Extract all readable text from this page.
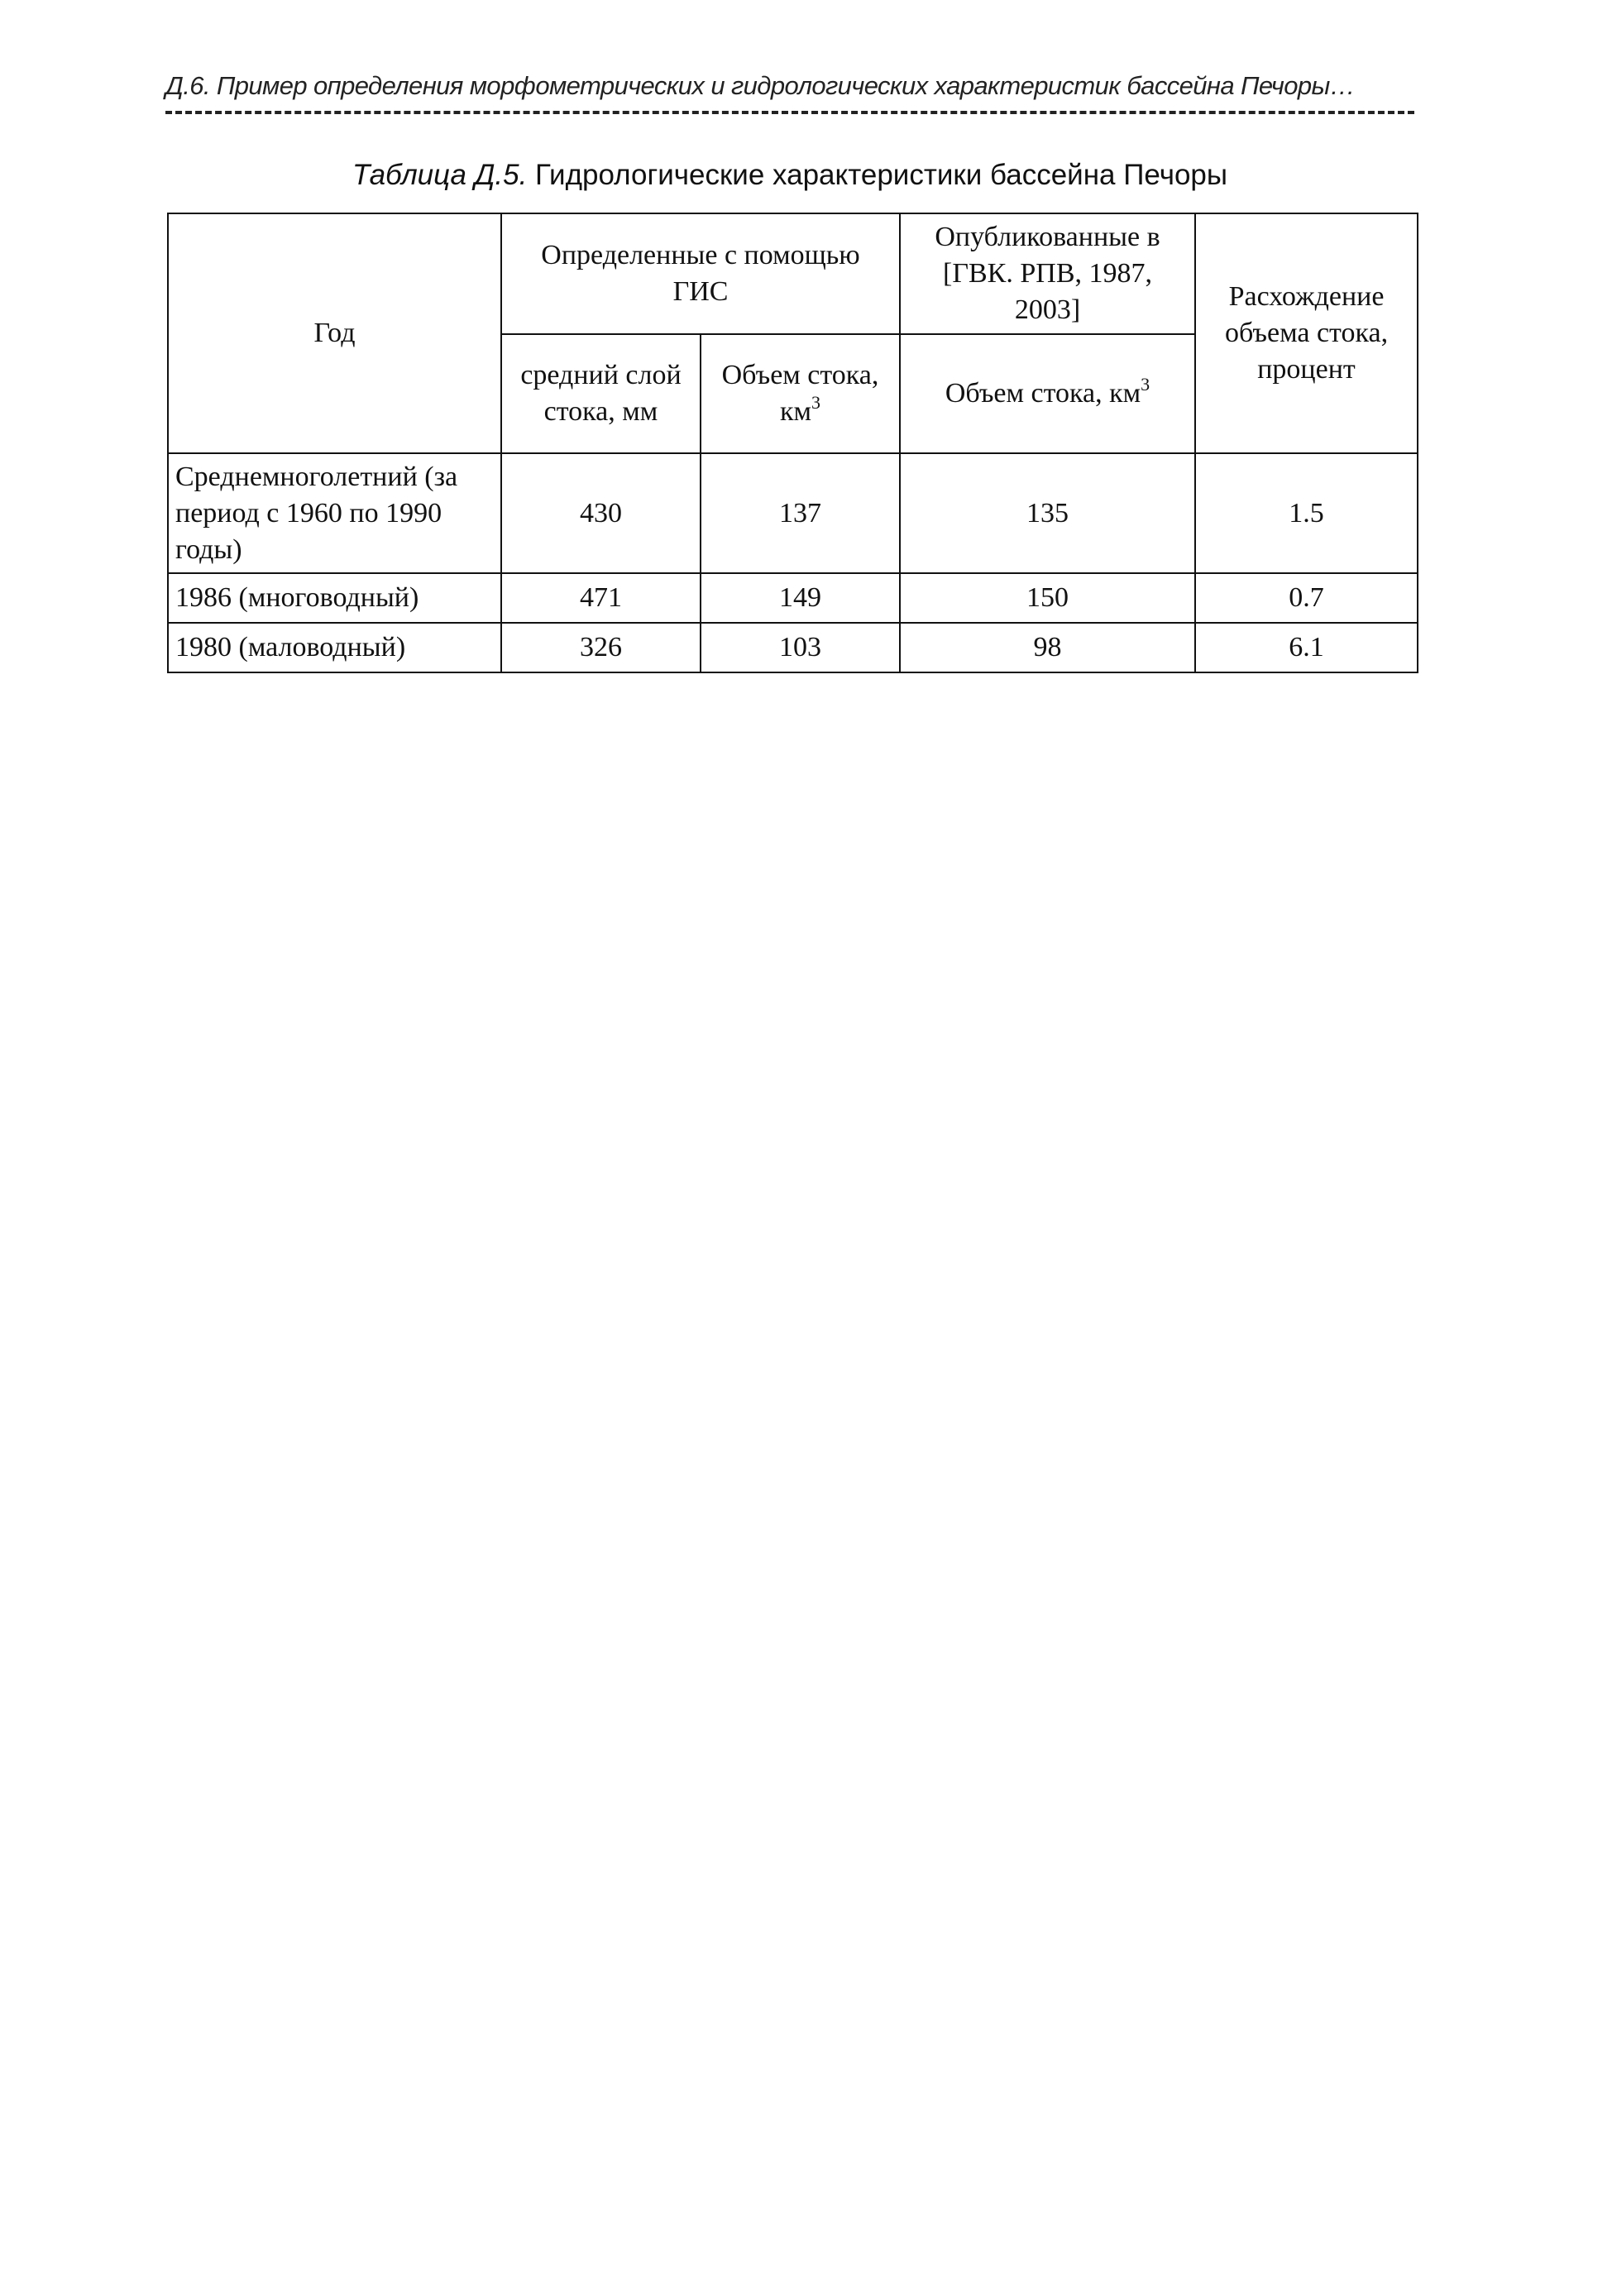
Д.6. Пример определения морфометрических и гидрологических характеристик бассейна Печоры…
Таблица Д.5. Гидрологические характеристики бассейна Печоры
Год	Определенные с помощью ГИС		Опубликованные в [ГВК. РПВ, 1987, 2003]	Расхождение объема стока, процент
	средний слой стока, мм	Объем стока, $км^3$	Объем стока, $км^3$
Среднемноголетний (за период с 1960 по 1990 годы)	430	137	135	1.5
1986 (многоводный)	471	149	150	0.7
1980 (маловодный)	326	103	98	6.1
